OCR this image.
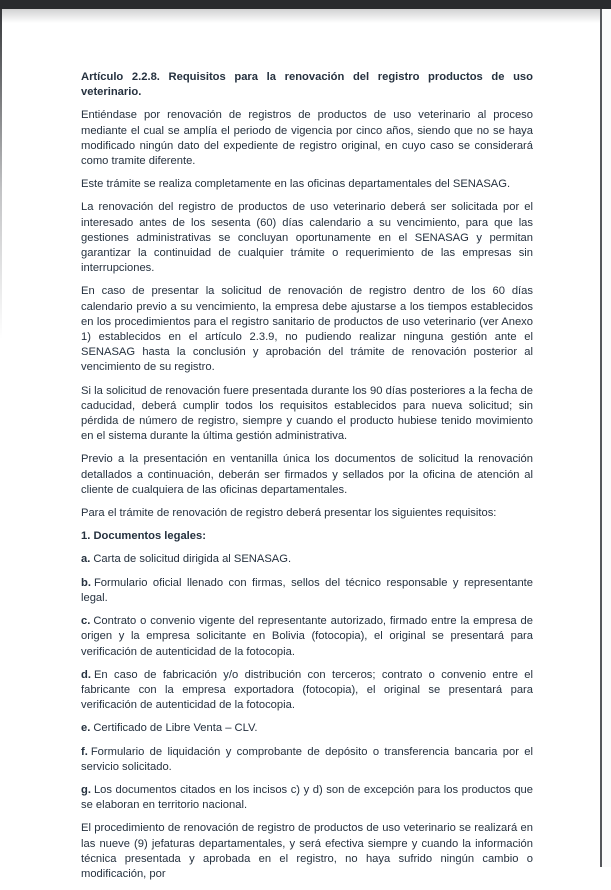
Artículo 2.2.8. Requisitos para la renovación del registro productos de uso veterinario.

Entiéndase por renovación de registros de productos de uso veterinario al proceso mediante el cual se amplía el periodo de vigencia por cinco años, siendo que no se haya modificado ningún dato del expediente de registro original, en cuyo caso se considerará como tramite diferente.

Este trámite se realiza completamente en las oficinas departamentales del SENASAG.

La renovación del registro de productos de uso veterinario deberá ser solicitada por el interesado antes de los sesenta (60) días calendario a su vencimiento, para que las gestiones administrativas se concluyan oportunamente en el SENASAG y permitan garantizar la continuidad de cualquier trámite o requerimiento de las empresas sin interrupciones.

En caso de presentar la solicitud de renovación de registro dentro de los 60 días calendario previo a su vencimiento, la empresa debe ajustarse a los tiempos establecidos en los procedimientos para el registro sanitario de productos de uso veterinario (ver Anexo 1) establecidos en el artículo 2.3.9, no pudiendo realizar ninguna gestión ante el SENASAG hasta la conclusión y aprobación del trámite de renovación posterior al vencimiento de su registro.

Si la solicitud de renovación fuere presentada durante los 90 días posteriores a la fecha de caducidad, deberá cumplir todos los requisitos establecidos para nueva solicitud; sin pérdida de número de registro, siempre y cuando el producto hubiese tenido movimiento en el sistema durante la última gestión administrativa.

Previo a la presentación en ventanilla única los documentos de solicitud la renovación detallados a continuación, deberán ser firmados y sellados por la oficina de atención al cliente de cualquiera de las oficinas departamentales.

Para el trámite de renovación de registro deberá presentar los siguientes requisitos:

1. Documentos legales:

a. Carta de solicitud dirigida al SENASAG.

b. Formulario oficial llenado con firmas, sellos del técnico responsable y representante legal.

c. Contrato o convenio vigente del representante autorizado, firmado entre la empresa de origen y la empresa solicitante en Bolivia (fotocopia), el original se presentará para verificación de autenticidad de la fotocopia.

d. En caso de fabricación y/o distribución con terceros; contrato o convenio entre el fabricante con la empresa exportadora (fotocopia), el original se presentará para verificación de autenticidad de la fotocopia.

e. Certificado de Libre Venta – CLV.

f. Formulario de liquidación y comprobante de depósito o transferencia bancaria por el servicio solicitado.

g. Los documentos citados en los incisos c) y d) son de excepción para los productos que se elaboran en territorio nacional.

El procedimiento de renovación de registro de productos de uso veterinario se realizará en las nueve (9) jefaturas departamentales, y será efectiva siempre y cuando la información técnica presentada y aprobada en el registro, no haya sufrido ningún cambio o modificación, por
